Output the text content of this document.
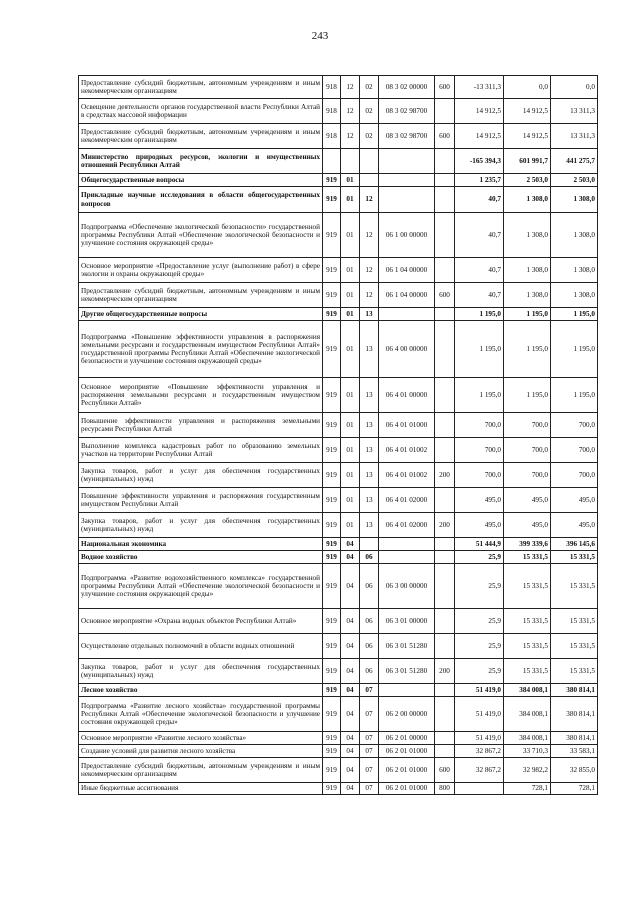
243
Предоставление субсидий бюджетным, автономным учреждениям и иным некоммерческим организациям	918	12	02	08 3 02 00000	600	-13 311,3	0,0	0,0
Освещение деятельности органов государственной власти Республики Алтай в средствах массовой информации	918	12	02	08 3 02 98700		14 912,5	14 912,5	13 311,3
Предоставление субсидий бюджетным, автономным учреждениям и иным некоммерческим организациям	918	12	02	08 3 02 98700	600	14 912,5	14 912,5	13 311,3
Министерство природных ресурсов, экологии и имущественных отношений Республики Алтай						-165 394,3	601 991,7	441 275,7
Общегосударственные вопросы	919	01				1 235,7	2 503,0	2 503,0
Прикладные научные исследования в области общегосударственных вопросов	919	01	12			40,7	1 308,0	1 308,0
Подпрограмма «Обеспечение экологической безопасности» государственной программы Республики Алтай «Обеспечение экологической безопасности и улучшение состояния окружающей среды»	919	01	12	06 1 00 00000		40,7	1 308,0	1 308,0
Основное мероприятие «Предоставление услуг (выполнение работ) в сфере экологии и охраны окружающей среды»	919	01	12	06 1 04 00000		40,7	1 308,0	1 308,0
Предоставление субсидий бюджетным, автономным учреждениям и иным некоммерческим организациям	919	01	12	06 1 04 00000	600	40,7	1 308,0	1 308,0
Другие общегосударственные вопросы	919	01	13			1 195,0	1 195,0	1 195,0
Подпрограмма «Повышение эффективности управления в распоряжения земельными ресурсами и государственным имуществом Республики Алтай» государственной программы Республики Алтай «Обеспечение экологической безопасности и улучшение состояния окружающей среды»	919	01	13	06 4 00 00000		1 195,0	1 195,0	1 195,0
Основное мероприятие «Повышение эффективности управления и распоряжения земельными ресурсами и государственным имуществом Республики Алтай»	919	01	13	06 4 01 00000		1 195,0	1 195,0	1 195,0
Повышение эффективности управления и распоряжения земельными ресурсами Республики Алтай	919	01	13	06 4 01 01000		700,0	700,0	700,0
Выполнение комплекса кадастровых работ по образованию земельных участков на территории Республики Алтай	919	01	13	06 4 01 01002		700,0	700,0	700,0
Закупка товаров, работ и услуг для обеспечения государственных (муниципальных) нужд	919	01	13	06 4 01 01002	200	700,0	700,0	700,0
Повышение эффективности управления и распоряжения государственным имуществом Республики Алтай	919	01	13	06 4 01 02000		495,0	495,0	495,0
Закупка товаров, работ и услуг для обеспечения государственных (муниципальных) нужд	919	01	13	06 4 01 02000	200	495,0	495,0	495,0
Национальная экономика	919	04				51 444,9	399 339,6	396 145,6
Водное хозяйство	919	04	06			25,9	15 331,5	15 331,5
Подпрограмма «Развитие водохозяйственного комплекса» государственной программы Республики Алтай «Обеспечение экологической безопасности и улучшение состояния окружающей среды»	919	04	06	06 3 00 00000		25,9	15 331,5	15 331,5
Основное мероприятие «Охрана водных объектов Республики Алтай»	919	04	06	06 3 01 00000		25,9	15 331,5	15 331,5
Осуществление отдельных полномочий в области водных отношений	919	04	06	06 3 01 51280		25,9	15 331,5	15 331,5
Закупка товаров, работ и услуг для обеспечения государственных (муниципальных) нужд	919	04	06	06 3 01 51280	200	25,9	15 331,5	15 331,5
Лесное хозяйство	919	04	07			51 419,0	384 008,1	380 814,1
Подпрограмма «Развитие лесного хозяйства» государственной программы Республики Алтай «Обеспечение экологической безопасности и улучшение состояния окружающей среды»	919	04	07	06 2 00 00000		51 419,0	384 008,1	380 814,1
Основное мероприятие «Развитие лесного хозяйства»	919	04	07	06 2 01 00000		51 419,0	384 008,1	380 814,1
Создание условий для развития лесного хозяйства	919	04	07	06 2 01 01000		32 867,2	33 710,3	33 583,1
Предоставление субсидий бюджетным, автономным учреждениям и иным некоммерческим организациям	919	04	07	06 2 01 01000	600	32 867,2	32 982,2	32 855,0
Иные бюджетные ассигнования	919	04	07	06 2 01 01000	800		728,1	728,1
